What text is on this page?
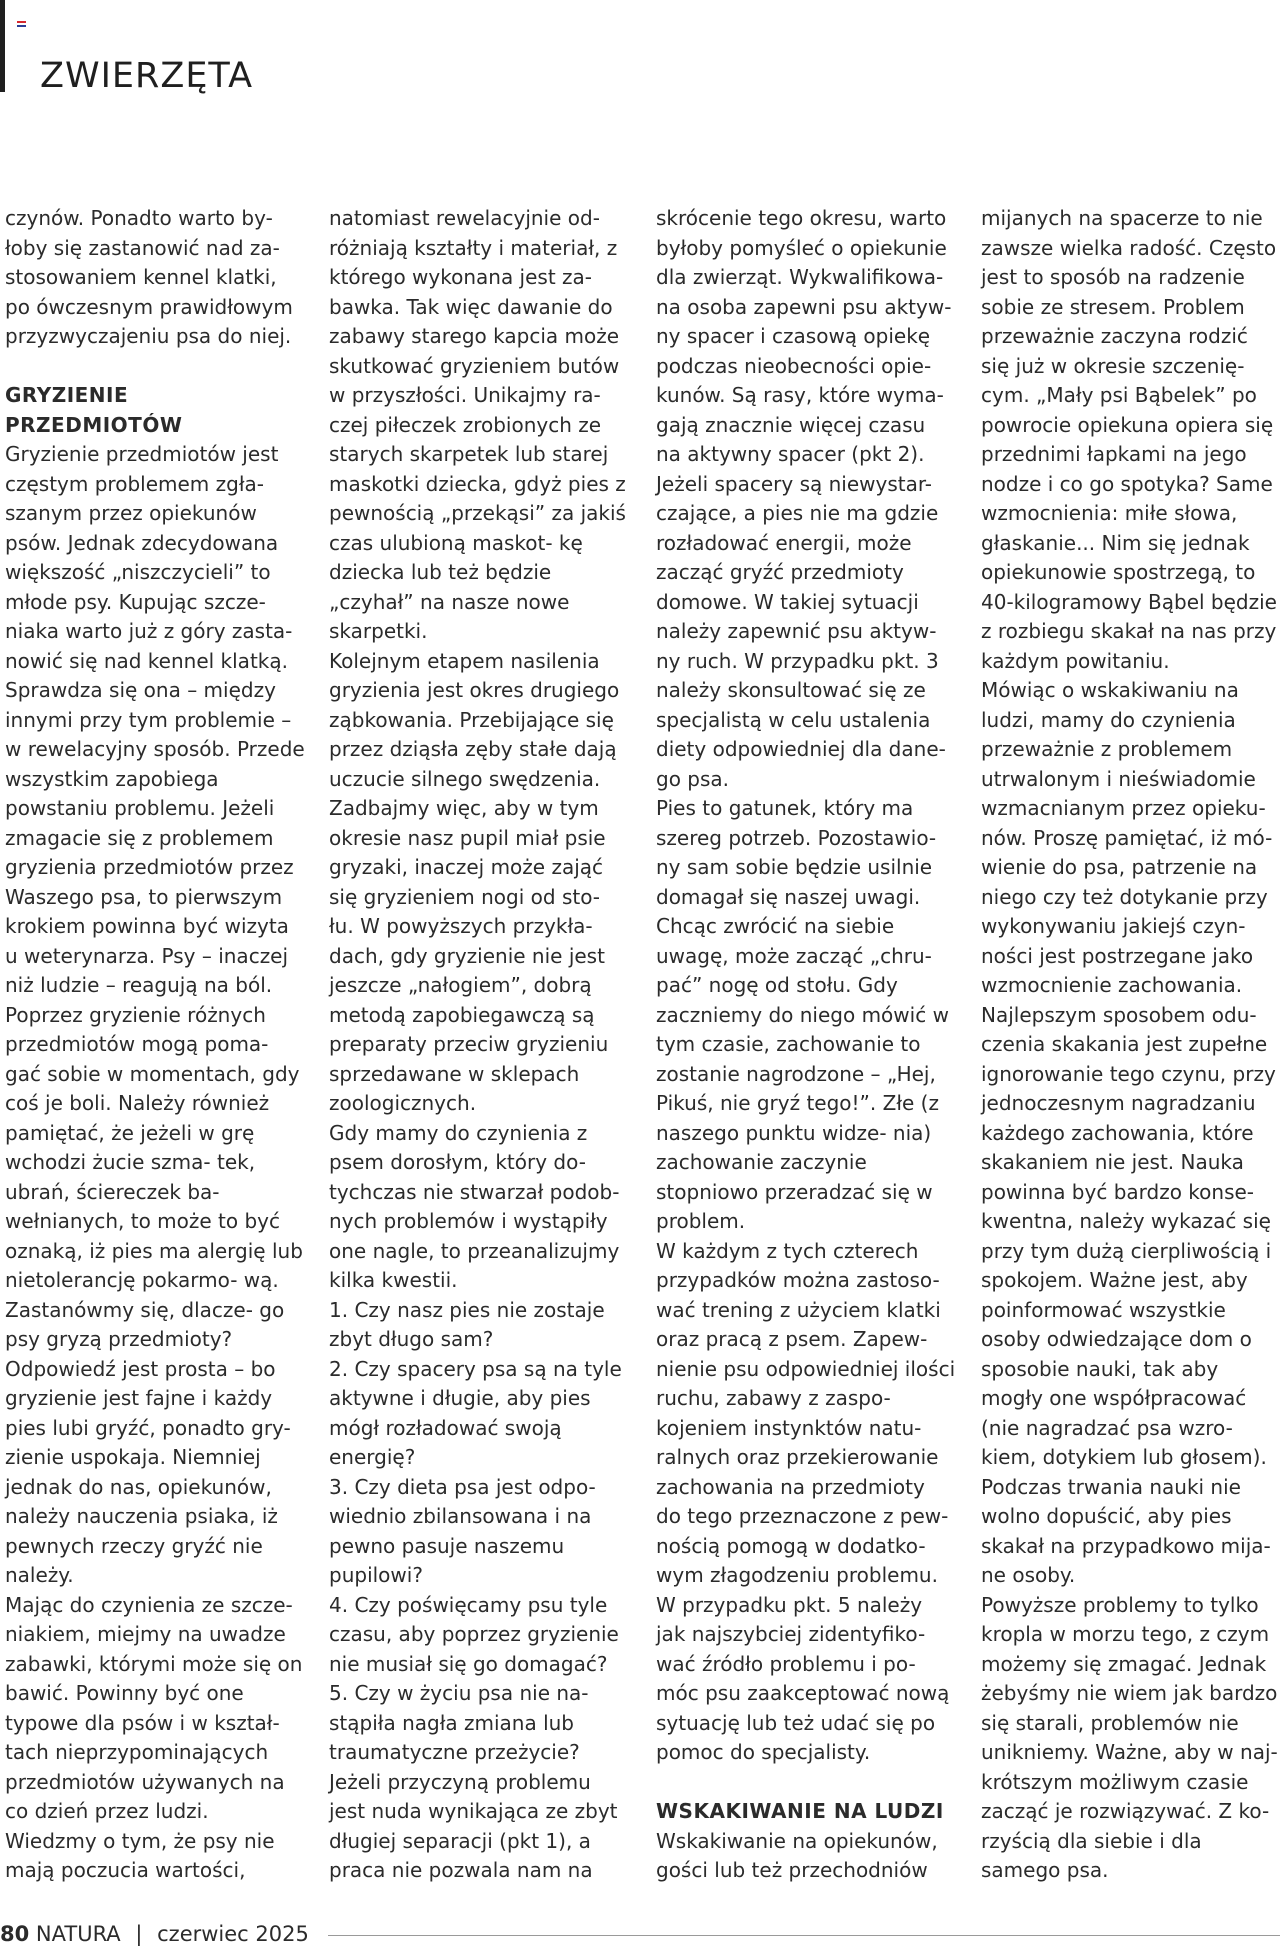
ZWIERZĘTA

czynów. Ponadto warto by- łoby się zastanowić nad za- stosowaniem kennel klatki, po ówczesnym prawidłowym przyzwyczajeniu psa do niej.

GRYZIENIE PRZEDMIOTÓW

Gryzienie przedmiotów jest częstym problemem zgła- szanym przez opiekunów psów. Jednak zdecydowana większość „niszczycieli” to młode psy. Kupując szcze- niaka warto już z góry zasta- nowić się nad kennel klatką. Sprawdza się ona – między innymi przy tym problemie – w rewelacyjny sposób. Przede wszystkim zapobiega powstaniu problemu. Jeżeli zmagacie się z problemem gryzienia przedmiotów przez Waszego psa, to pierwszym krokiem powinna być wizyta u weterynarza. Psy – inaczej niż ludzie – reagują na ból. Poprzez gryzienie różnych przedmiotów mogą poma- gać sobie w momentach, gdy coś je boli. Należy również pamiętać, że jeżeli w grę wchodzi żucie szma- tek, ubrań, ściereczek ba- wełnianych, to może to być oznaką, iż pies ma alergię lub nietolerancję pokarmo- wą. Zastanówmy się, dlacze- go psy gryzą przedmioty? Odpowiedź jest prosta – bo gryzienie jest fajne i każdy pies lubi gryźć, ponadto gry- zienie uspokaja. Niemniej jednak do nas, opiekunów, należy nauczenia psiaka, iż pewnych rzeczy gryźć nie należy.

Mając do czynienia ze szcze- niakiem, miejmy na uwadze zabawki, którymi może się on bawić. Powinny być one typowe dla psów i w kształ- tach nieprzypominających przedmiotów używanych na co dzień przez ludzi. Wiedzmy o tym, że psy nie mają poczucia wartości,

natomiast rewelacyjnie od- różniają kształty i materiał, z którego wykonana jest za- bawka. Tak więc dawanie do zabawy starego kapcia może skutkować gryzieniem butów w przyszłości. Unikajmy ra- czej piłeczek zrobionych ze starych skarpetek lub starej maskotki dziecka, gdyż pies z pewnością „przekąsi” za jakiś czas ulubioną maskot- kę dziecka lub też będzie „czyhał” na nasze nowe skarpetki.

Kolejnym etapem nasilenia gryzienia jest okres drugiego ząbkowania. Przebijające się przez dziąsła zęby stałe dają uczucie silnego swędzenia. Zadbajmy więc, aby w tym okresie nasz pupil miał psie gryzaki, inaczej może zająć się gryzieniem nogi od sto- łu. W powyższych przykła- dach, gdy gryzienie nie jest jeszcze „nałogiem”, dobrą metodą zapobiegawczą są preparaty przeciw gryzieniu sprzedawane w sklepach zoologicznych.

Gdy mamy do czynienia z psem dorosłym, który do- tychczas nie stwarzał podob- nych problemów i wystąpiły one nagle, to przeanalizujmy kilka kwestii.

1. Czy nasz pies nie zostaje zbyt długo sam?

2. Czy spacery psa są na tyle aktywne i długie, aby pies mógł rozładować swoją energię?

3. Czy dieta psa jest odpo- wiednio zbilansowana i na pewno pasuje naszemu pupilowi?

4. Czy poświęcamy psu tyle czasu, aby poprzez gryzienie nie musiał się go domagać?

5. Czy w życiu psa nie na- stąpiła nagła zmiana lub traumatyczne przeżycie?

Jeżeli przyczyną problemu jest nuda wynikająca ze zbyt długiej separacji (pkt 1), a praca nie pozwala nam na

skrócenie tego okresu, warto byłoby pomyśleć o opiekunie dla zwierząt. Wykwalifikowa- na osoba zapewni psu aktyw- ny spacer i czasową opiekę podczas nieobecności opie- kunów. Są rasy, które wyma- gają znacznie więcej czasu na aktywny spacer (pkt 2).

Jeżeli spacery są niewystar- czające, a pies nie ma gdzie rozładować energii, może zacząć gryźć przedmioty domowe. W takiej sytuacji należy zapewnić psu aktyw- ny ruch. W przypadku pkt. 3 należy skonsultować się ze specjalistą w celu ustalenia diety odpowiedniej dla dane- go psa.

Pies to gatunek, który ma szereg potrzeb. Pozostawio- ny sam sobie będzie usilnie domagał się naszej uwagi. Chcąc zwrócić na siebie uwagę, może zacząć „chru- pać” nogę od stołu. Gdy zaczniemy do niego mówić w tym czasie, zachowanie to zostanie nagrodzone – „Hej, Pikuś, nie gryź tego!”. Złe (z naszego punktu widze- nia) zachowanie zaczynie stopniowo przeradzać się w problem.

W każdym z tych czterech przypadków można zastoso- wać trening z użyciem klatki oraz pracą z psem. Zapew- nienie psu odpowiedniej ilości ruchu, zabawy z zaspo- kojeniem instynktów natu- ralnych oraz przekierowanie zachowania na przedmioty do tego przeznaczone z pew- nością pomogą w dodatko- wym złagodzeniu problemu. W przypadku pkt. 5 należy jak najszybciej zidentyfiko- wać źródło problemu i po- móc psu zaakceptować nową sytuację lub też udać się po pomoc do specjalisty.

WSKAKIWANIE NA LUDZI

Wskakiwanie na opiekunów, gości lub też przechodniów

mijanych na spacerze to nie zawsze wielka radość. Często jest to sposób na radzenie sobie ze stresem. Problem przeważnie zaczyna rodzić się już w okresie szczenię- cym. „Mały psi Bąbelek” po powrocie opiekuna opiera się przednimi łapkami na jego nodze i co go spotyka? Same wzmocnienia: miłe słowa, głaskanie... Nim się jednak opiekunowie spostrzegą, to 40-kilogramowy Bąbel będzie z rozbiegu skakał na nas przy każdym powitaniu.

Mówiąc o wskakiwaniu na ludzi, mamy do czynienia przeważnie z problemem utrwalonym i nieświadomie wzmacnianym przez opieku- nów. Proszę pamiętać, iż mó- wienie do psa, patrzenie na niego czy też dotykanie przy wykonywaniu jakiejś czyn- ności jest postrzegane jako wzmocnienie zachowania. Najlepszym sposobem odu- czenia skakania jest zupełne ignorowanie tego czynu, przy jednoczesnym nagradzaniu każdego zachowania, które skakaniem nie jest. Nauka powinna być bardzo konse- kwentna, należy wykazać się przy tym dużą cierpliwością i spokojem. Ważne jest, aby poinformować wszystkie osoby odwiedzające dom o sposobie nauki, tak aby mogły one współpracować (nie nagradzać psa wzro- kiem, dotykiem lub głosem). Podczas trwania nauki nie wolno dopuścić, aby pies skakał na przypadkowo mija- ne osoby.

Powyższe problemy to tylko kropla w morzu tego, z czym możemy się zmagać. Jednak żebyśmy nie wiem jak bardzo się starali, problemów nie unikniemy. Ważne, aby w naj- krótszym możliwym czasie zacząć je rozwiązywać. Z ko- rzyścią dla siebie i dla samego psa.

80 NATURA | czerwiec 2025
